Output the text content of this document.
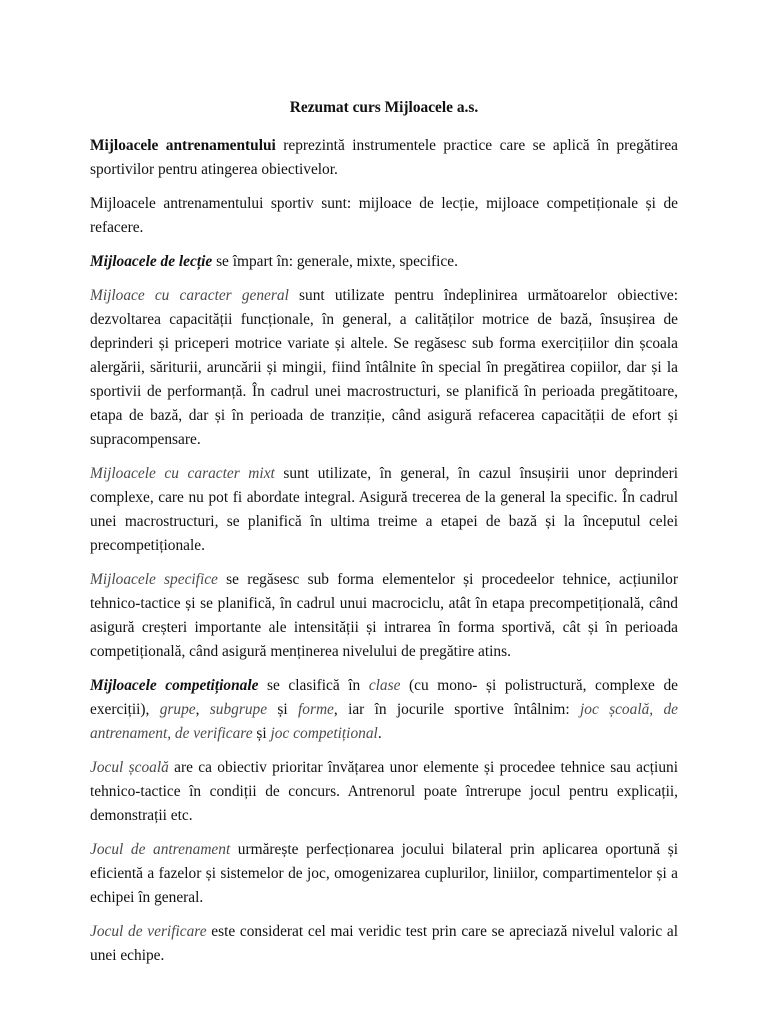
Rezumat curs Mijloacele a.s.

Mijloacele antrenamentului reprezintă instrumentele practice care se aplică în pregătirea sportivilor pentru atingerea obiectivelor.

Mijloacele antrenamentului sportiv sunt: mijloace de lecție, mijloace competiționale și de refacere.

Mijloacele de lecție se împart în: generale, mixte, specifice.

Mijloace cu caracter general sunt utilizate pentru îndeplinirea următoarelor obiective: dezvoltarea capacității funcționale, în general, a calităților motrice de bază, însușirea de deprinderi și priceperi motrice variate și altele. Se regăsesc sub forma exercițiilor din școala alergării, săriturii, aruncării și mingii, fiind întâlnite în special în pregătirea copiilor, dar și la sportivii de performanță. În cadrul unei macrostructuri, se planifică în perioada pregătitoare, etapa de bază, dar și în perioada de tranziție, când asigură refacerea capacității de efort și supracompensare.

Mijloacele cu caracter mixt sunt utilizate, în general, în cazul însușirii unor deprinderi complexe, care nu pot fi abordate integral. Asigură trecerea de la general la specific. În cadrul unei macrostructuri, se planifică în ultima treime a etapei de bază și la începutul celei precompetiționale.

Mijloacele specifice se regăsesc sub forma elementelor și procedeelor tehnice, acțiunilor tehnico-tactice și se planifică, în cadrul unui macrociclu, atât în etapa precompetițională, când asigură creșteri importante ale intensității și intrarea în forma sportivă, cât și în perioada competițională, când asigură menținerea nivelului de pregătire atins.

Mijloacele competiționale se clasifică în clase (cu mono- și polistructură, complexe de exerciții), grupe, subgrupe și forme, iar în jocurile sportive întâlnim: joc școală, de antrenament, de verificare și joc competițional.

Jocul școală are ca obiectiv prioritar învățarea unor elemente și procedee tehnice sau acțiuni tehnico-tactice în condiții de concurs. Antrenorul poate întrerupe jocul pentru explicații, demonstrații etc.

Jocul de antrenament urmărește perfecționarea jocului bilateral prin aplicarea oportună și eficientă a fazelor și sistemelor de joc, omogenizarea cuplurilor, liniilor, compartimentelor și a echipei în general.

Jocul de verificare este considerat cel mai veridic test prin care se apreciază nivelul valoric al unei echipe.
